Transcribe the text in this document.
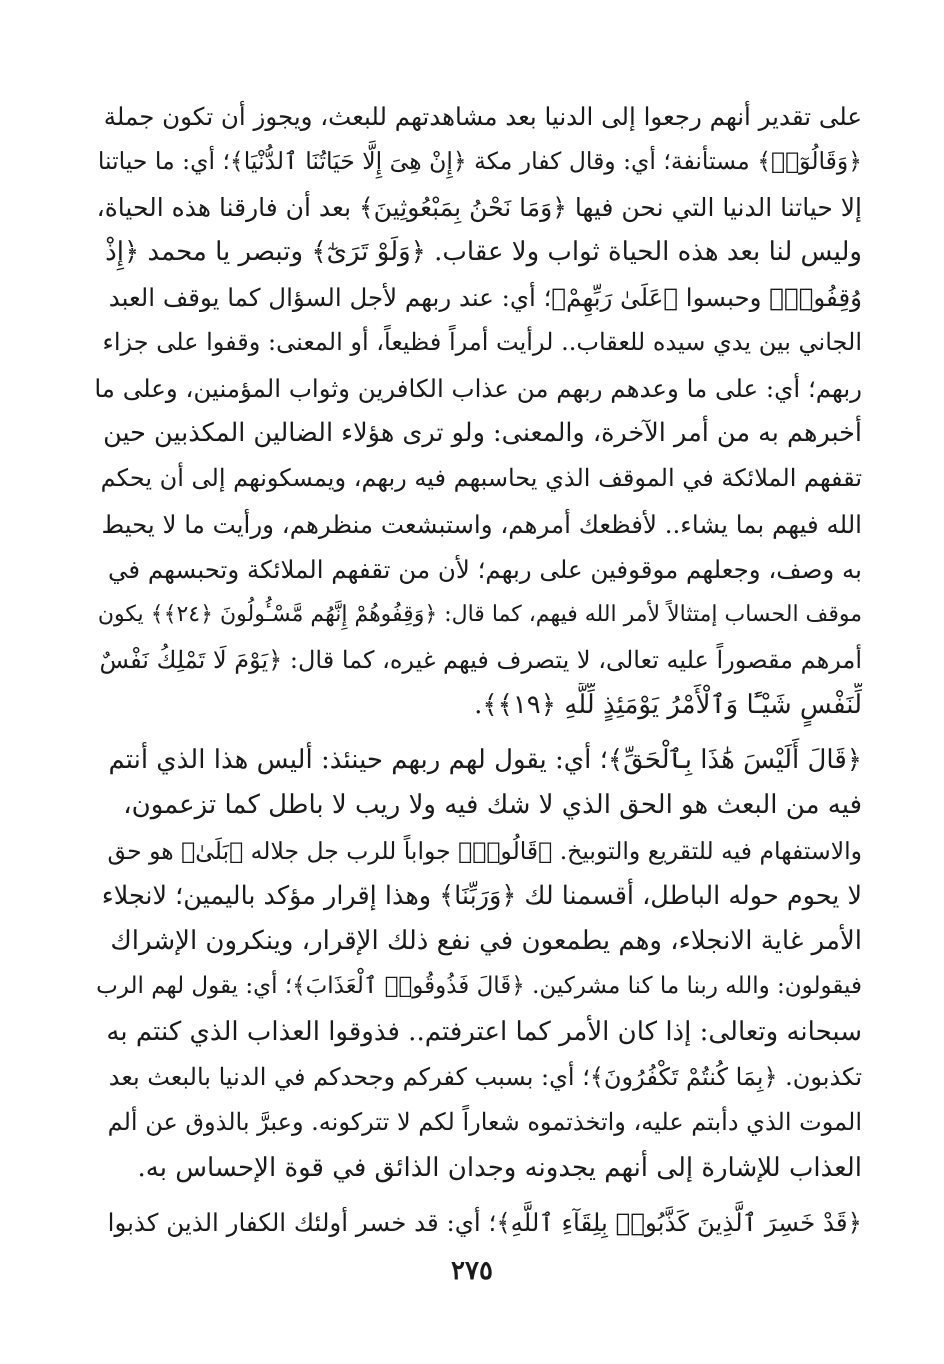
على تقدير أنهم رجعوا إلى الدنيا بعد مشاهدتهم للبعث، ويجوز أن تكون جملة
﴿وَقَالُوٓا۟﴾ مستأنفة؛ أي: وقال كفار مكة ﴿إِنْ هِىَ إِلَّا حَيَاتُنَا ٱلدُّنْيَا﴾؛ أي: ما حياتنا
إلا حياتنا الدنيا التي نحن فيها ﴿وَمَا نَحْنُ بِمَبْعُوثِينَ﴾ بعد أن فارقنا هذه الحياة،
وليس لنا بعد هذه الحياة ثواب ولا عقاب. ﴿وَلَوْ تَرَىٰٓ﴾ وتبصر يا محمد ﴿إِذْ
وُقِفُوا۟﴾ وحبسوا ﴿عَلَىٰ رَبِّهِمْ﴾؛ أي: عند ربهم لأجل السؤال كما يوقف العبد
الجاني بين يدي سيده للعقاب.. لرأيت أمراً فظيعاً، أو المعنى: وقفوا على جزاء
ربهم؛ أي: على ما وعدهم ربهم من عذاب الكافرين وثواب المؤمنين، وعلى ما
أخبرهم به من أمر الآخرة، والمعنى: ولو ترى هؤلاء الضالين المكذبين حين
تقفهم الملائكة في الموقف الذي يحاسبهم فيه ربهم، ويمسكونهم إلى أن يحكم
الله فيهم بما يشاء.. لأفظعك أمرهم، واستبشعت منظرهم، ورأيت ما لا يحيط
به وصف، وجعلهم موقوفين على ربهم؛ لأن من تقفهم الملائكة وتحبسهم في
موقف الحساب إمتثالاً لأمر الله فيهم، كما قال: ﴿وَقِفُوهُمْ إِنَّهُم مَّسْـُٔولُونَ ﴿٢٤﴾﴾ يكون
أمرهم مقصوراً عليه تعالى، لا يتصرف فيهم غيره، كما قال: ﴿يَوْمَ لَا تَمْلِكُ نَفْسٌ
لِّنَفْسٍ شَيْـًٔا وَٱلْأَمْرُ يَوْمَئِذٍ لِّلَّهِ ﴿١٩﴾﴾.
﴿قَالَ أَلَيْسَ هَٰذَا بِٱلْحَقِّ﴾؛ أي: يقول لهم ربهم حينئذ: أليس هذا الذي أنتم
فيه من البعث هو الحق الذي لا شك فيه ولا ريب لا باطل كما تزعمون،
والاستفهام فيه للتقريع والتوبيخ. ﴿قَالُوا۟﴾ جواباً للرب جل جلاله ﴿بَلَىٰ﴾ هو حق
لا يحوم حوله الباطل، أقسمنا لك ﴿وَرَبِّنَا﴾ وهذا إقرار مؤكد باليمين؛ لانجلاء
الأمر غاية الانجلاء، وهم يطمعون في نفع ذلك الإقرار، وينكرون الإشراك
فيقولون: والله ربنا ما كنا مشركين. ﴿قَالَ فَذُوقُوا۟ ٱلْعَذَابَ﴾؛ أي: يقول لهم الرب
سبحانه وتعالى: إذا كان الأمر كما اعترفتم.. فذوقوا العذاب الذي كنتم به
تكذبون. ﴿بِمَا كُنتُمْ تَكْفُرُونَ﴾؛ أي: بسبب كفركم وجحدكم في الدنيا بالبعث بعد
الموت الذي دأبتم عليه، واتخذتموه شعاراً لكم لا تتركونه. وعبرَّ بالذوق عن ألم
العذاب للإشارة إلى أنهم يجدونه وجدان الذائق في قوة الإحساس به.
﴿قَدْ خَسِرَ ٱلَّذِينَ كَذَّبُوا۟ بِلِقَآءِ ٱللَّهِ﴾؛ أي: قد خسر أولئك الكفار الذين كذبوا
٢٧٥
